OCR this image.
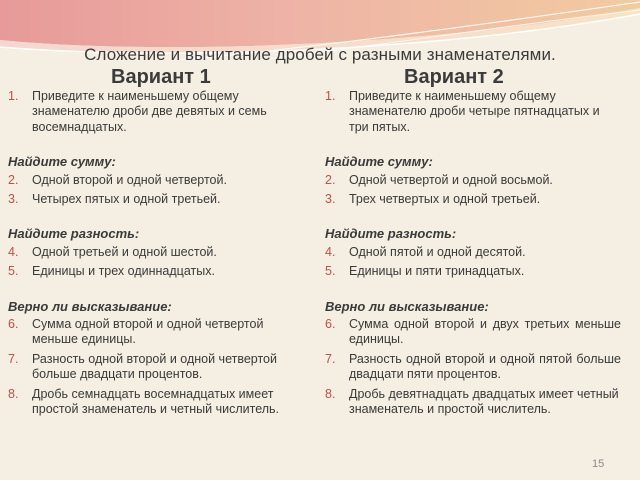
Сложение и вычитание дробей с разными знаменателями.
Вариант 1	Вариант 2
1.	Приведите к наименьшему общему знаменателю дроби две девятых и семь восемнадцатых.
Найдите сумму:
2.	Одной второй и одной четвертой.
3.	Четырех пятых и одной третьей.
Найдите разность:
4.	Одной третьей и одной шестой.
5.	Единицы и трех одиннадцатых.
Верно ли высказывание:
6.	Сумма одной второй и одной четвертой меньше единицы.
7.	Разность одной второй и одной четвертой больше двадцати процентов.
8.	Дробь семнадцать восемнадцатых имеет простой знаменатель и четный числитель.
1.	Приведите к наименьшему общему знаменателю дроби четыре пятнадцатых и три пятых.
Найдите сумму:
2.	Одной четвертой и одной восьмой.
3.	Трех четвертых и одной третьей.
Найдите разность:
4.	Одной пятой и одной десятой.
5.	Единицы и пяти тринадцатых.
Верно ли высказывание:
6.	Сумма одной второй и двух третьих меньше единицы.
7.	Разность одной второй и одной пятой больше двадцати пяти процентов.
8.	Дробь девятнадцать двадцатых имеет четный знаменатель и простой числитель.
15
